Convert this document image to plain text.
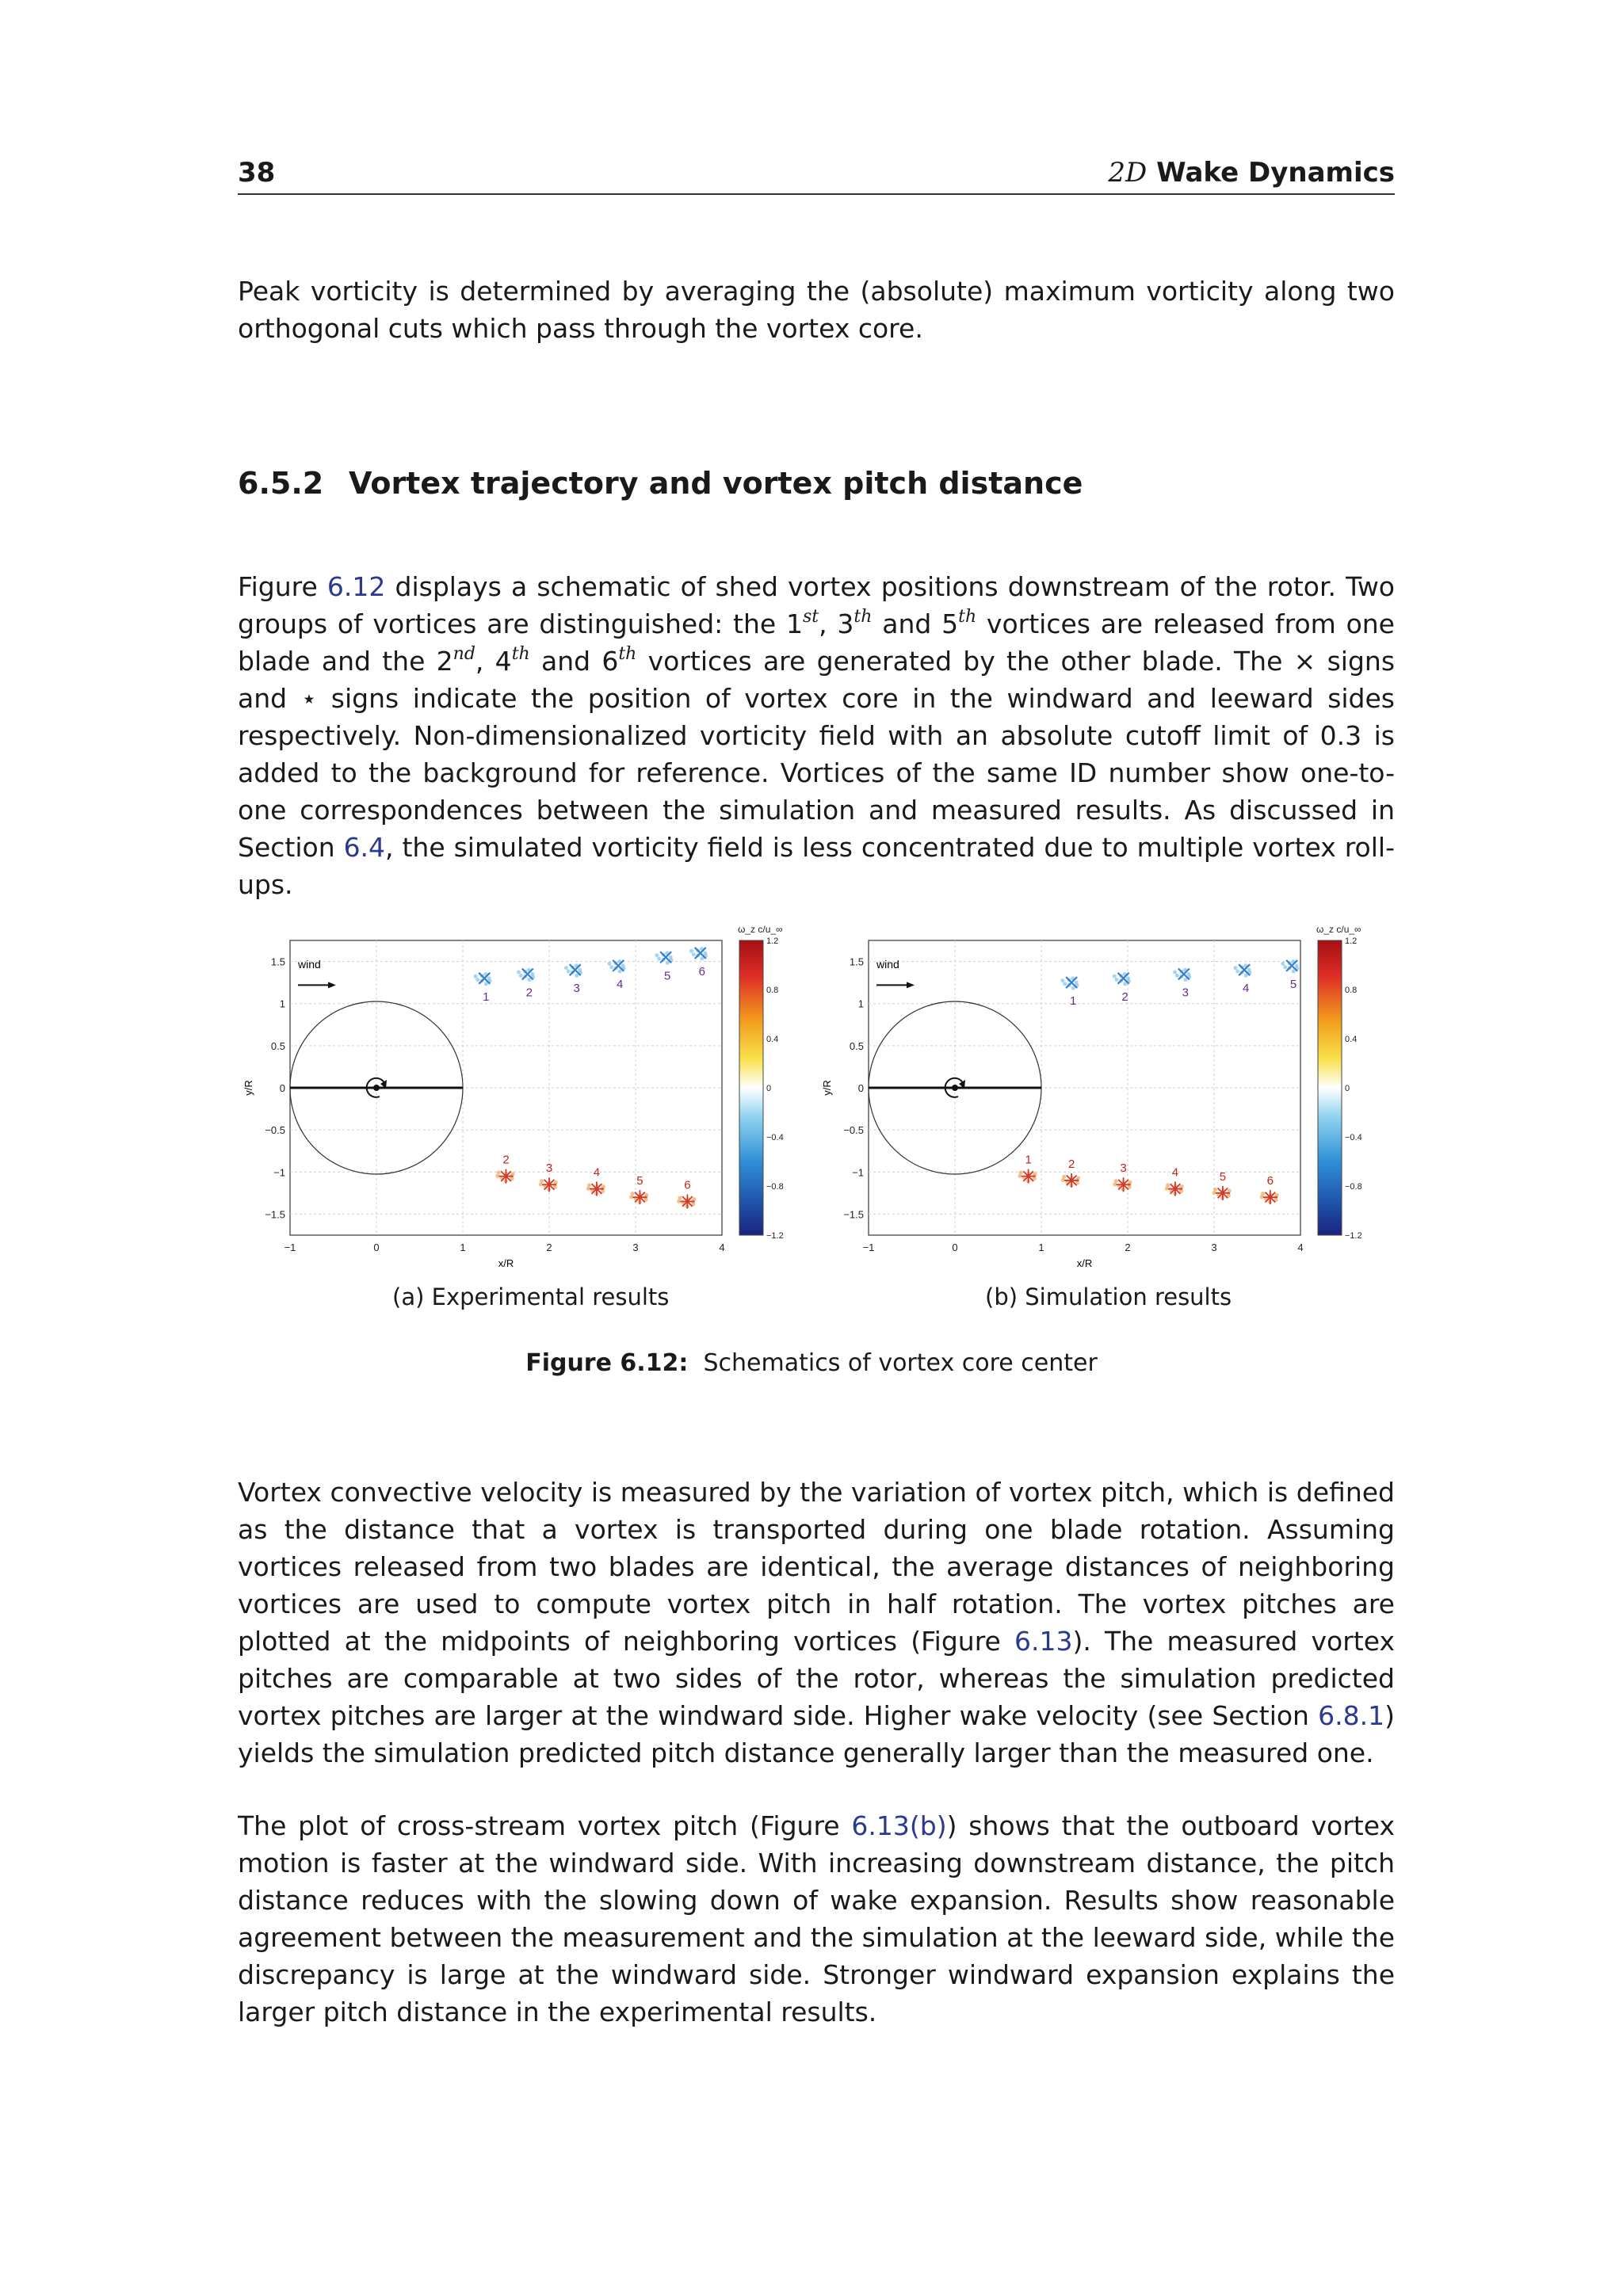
38	2D Wake Dynamics

Peak vorticity is determined by averaging the (absolute) maximum vorticity along two orthogonal cuts which pass through the vortex core.

6.5.2 Vortex trajectory and vortex pitch distance

Figure 6.12 displays a schematic of shed vortex positions downstream of the rotor. Two groups of vortices are distinguished: the 1st, 3th and 5th vortices are released from one blade and the 2nd, 4th and 6th vortices are generated by the other blade. The × signs and ⋆ signs indicate the position of vortex core in the windward and leeward sides respectively. Non-dimensionalized vorticity field with an absolute cutoff limit of 0.3 is added to the background for reference. Vortices of the same ID number show one-to-one correspondences between the simulation and measured results. As discussed in Section 6.4, the simulated vorticity field is less concentrated due to multiple vortex roll-ups.

−1	0	1	2	3	4
1.5
1
0.5
0
−0.5
−1
−1.5
x/R
y/R
wind
1	2	3	4
5 6
2
3	4
5	6
ω_z c/u_∞
1.2
0.8
0.4
0
−0.4
−0.8
−1.2
−1	0	1	2	3	4
1.5
1
0.5
0
−0.5
−1
−1.5
x/R
y/R
wind
1	2	3	4	5
1	2	3	4	5	6
ω_z c/u_∞
1.2
0.8
0.4
0
−0.4
−0.8
−1.2
(a) Experimental results	(b) Simulation results
Figure 6.12: Schematics of vortex core center

Vortex convective velocity is measured by the variation of vortex pitch, which is defined as the distance that a vortex is transported during one blade rotation. Assuming vortices released from two blades are identical, the average distances of neighboring vortices are used to compute vortex pitch in half rotation. The vortex pitches are plotted at the midpoints of neighboring vortices (Figure 6.13). The measured vortex pitches are comparable at two sides of the rotor, whereas the simulation predicted vortex pitches are larger at the windward side. Higher wake velocity (see Section 6.8.1) yields the simulation predicted pitch distance generally larger than the measured one.

The plot of cross-stream vortex pitch (Figure 6.13(b)) shows that the outboard vortex motion is faster at the windward side. With increasing downstream distance, the pitch distance reduces with the slowing down of wake expansion. Results show reasonable agreement between the measurement and the simulation at the leeward side, while the discrepancy is large at the windward side. Stronger windward expansion explains the larger pitch distance in the experimental results.
